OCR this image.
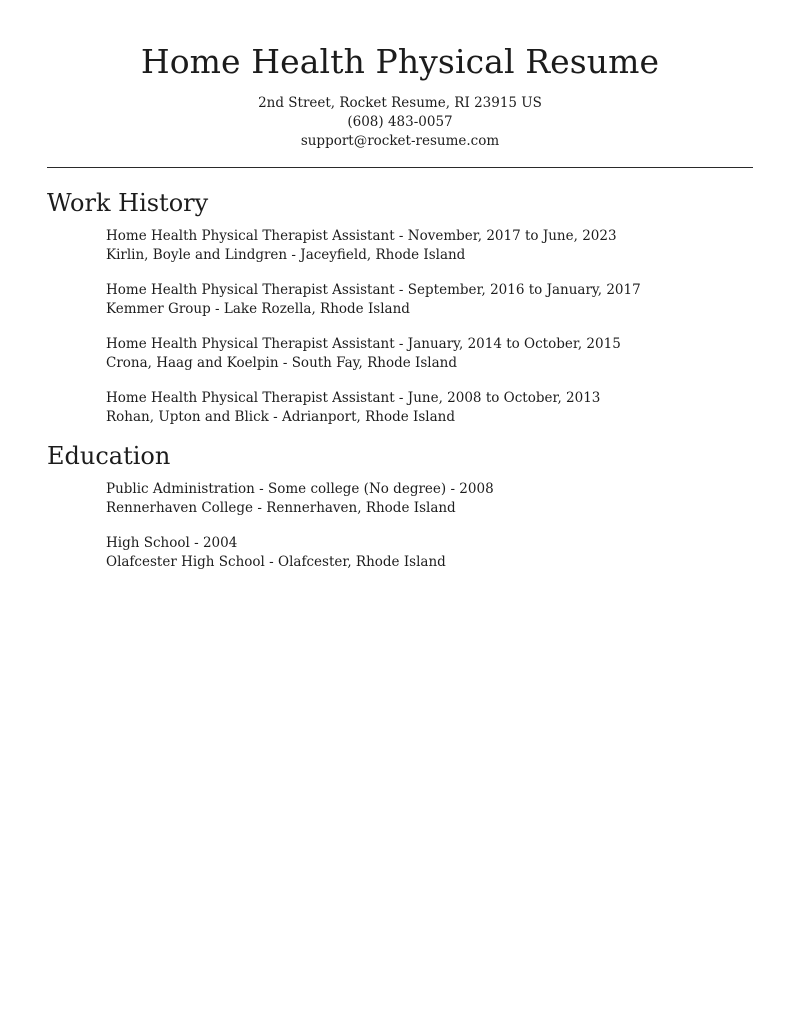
Home Health Physical Resume
2nd Street, Rocket Resume, RI 23915 US
(608) 483-0057
support@rocket-resume.com
Work History
Home Health Physical Therapist Assistant - November, 2017 to June, 2023
Kirlin, Boyle and Lindgren - Jaceyfield, Rhode Island
Home Health Physical Therapist Assistant - September, 2016 to January, 2017
Kemmer Group - Lake Rozella, Rhode Island
Home Health Physical Therapist Assistant - January, 2014 to October, 2015
Crona, Haag and Koelpin - South Fay, Rhode Island
Home Health Physical Therapist Assistant - June, 2008 to October, 2013
Rohan, Upton and Blick - Adrianport, Rhode Island
Education
Public Administration - Some college (No degree) - 2008
Rennerhaven College - Rennerhaven, Rhode Island
High School - 2004
Olafcester High School - Olafcester, Rhode Island
